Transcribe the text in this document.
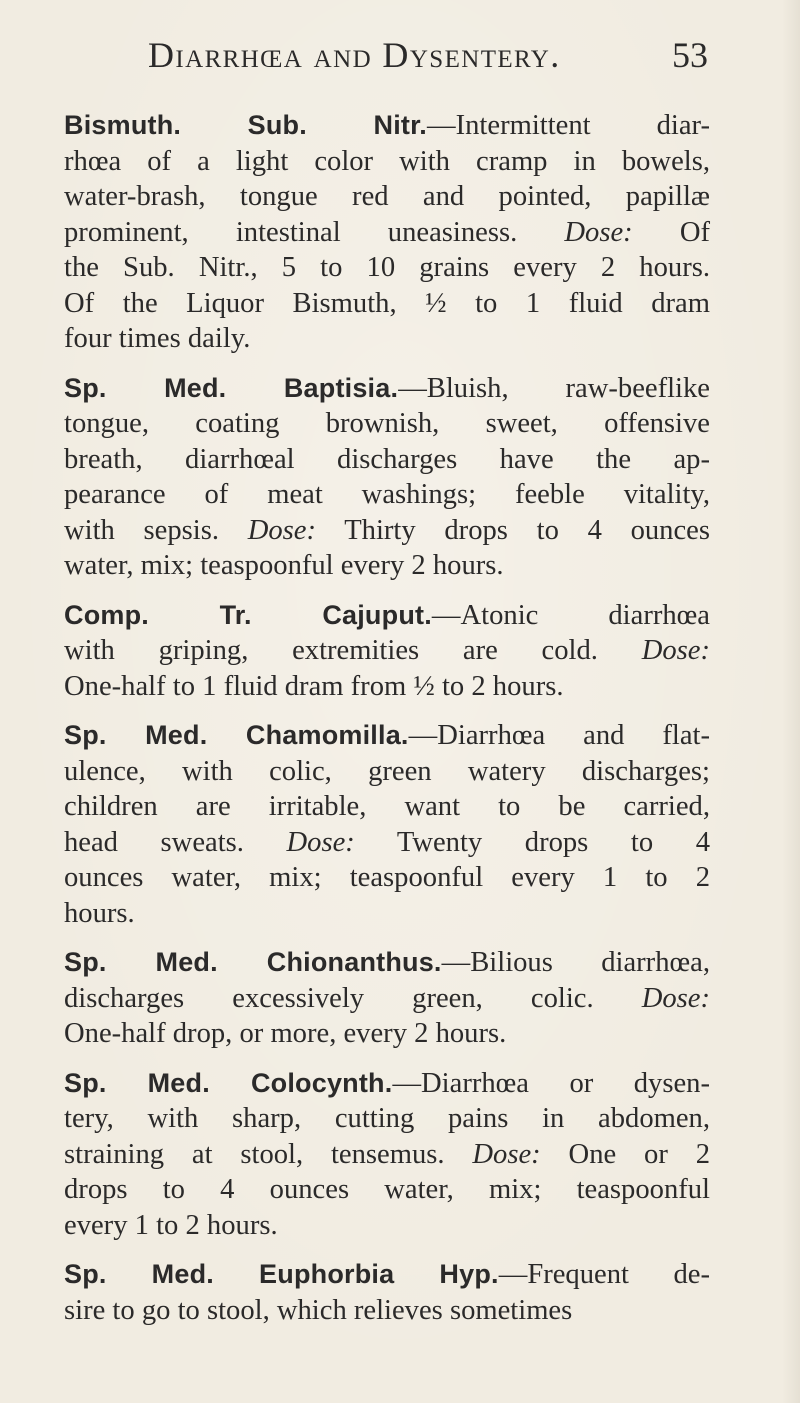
Diarrhœa and Dysentery.	53

Bismuth. Sub. Nitr.—Intermittent diar-
rhœa of a light color with cramp in bowels,
water-brash, tongue red and pointed, papillæ
prominent, intestinal uneasiness. Dose: Of
the Sub. Nitr., 5 to 10 grains every 2 hours.
Of the Liquor Bismuth, ½ to 1 fluid dram
four times daily.

Sp. Med. Baptisia.—Bluish, raw-beeflike
tongue, coating brownish, sweet, offensive
breath, diarrhœal discharges have the ap-
pearance of meat washings; feeble vitality,
with sepsis. Dose: Thirty drops to 4 ounces
water, mix; teaspoonful every 2 hours.

Comp. Tr. Cajuput.—Atonic diarrhœa
with griping, extremities are cold. Dose:
One-half to 1 fluid dram from ½ to 2 hours.

Sp. Med. Chamomilla.—Diarrhœa and flat-
ulence, with colic, green watery discharges;
children are irritable, want to be carried,
head sweats. Dose: Twenty drops to 4
ounces water, mix; teaspoonful every 1 to 2
hours.

Sp. Med. Chionanthus.—Bilious diarrhœa,
discharges excessively green, colic. Dose:
One-half drop, or more, every 2 hours.

Sp. Med. Colocynth.—Diarrhœa or dysen-
tery, with sharp, cutting pains in abdomen,
straining at stool, tensemus. Dose: One or 2
drops to 4 ounces water, mix; teaspoonful
every 1 to 2 hours.

Sp. Med. Euphorbia Hyp.—Frequent de-
sire to go to stool, which relieves sometimes
